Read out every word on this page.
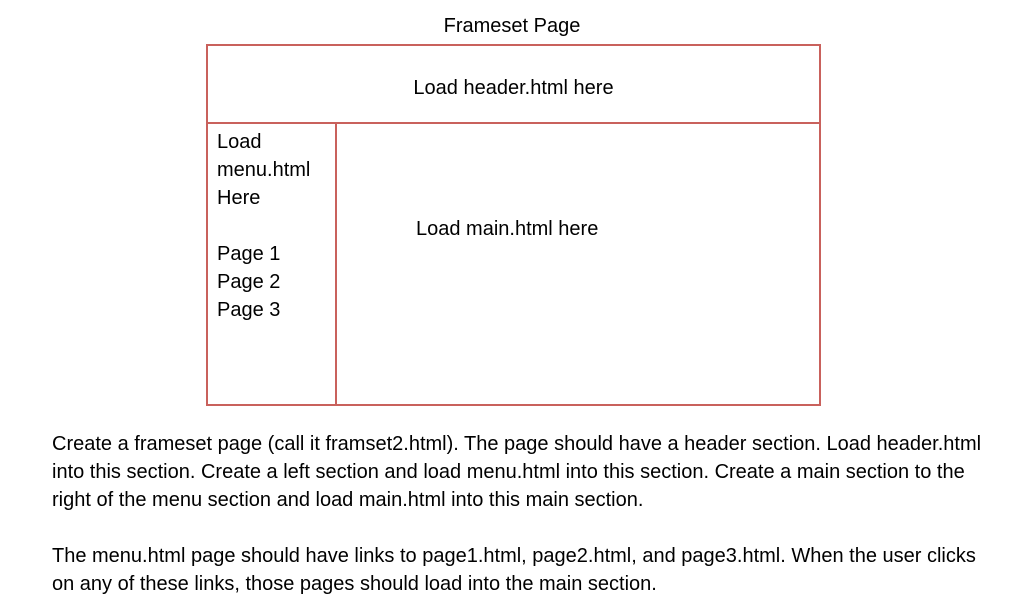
Frameset Page
Load header.html here
Load
menu.html
Here
Page 1
Page 2
Page 3
Load main.html here

Create a frameset page (call it framset2.html). The page should have a header section. Load header.html into this section. Create a left section and load menu.html into this section. Create a main section to the right of the menu section and load main.html into this main section.

The menu.html page should have links to page1.html, page2.html, and page3.html. When the user clicks on any of these links, those pages should load into the main section.
